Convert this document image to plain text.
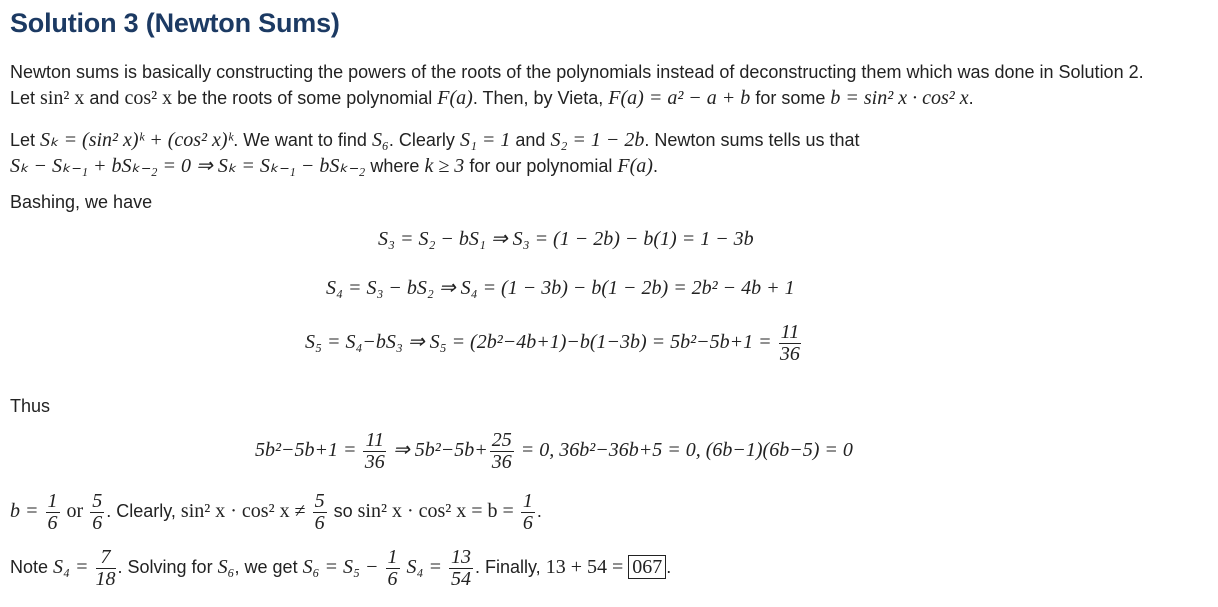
Solution 3 (Newton Sums)
Newton sums is basically constructing the powers of the roots of the polynomials instead of deconstructing them which was done in Solution 2.
Let sin² x and cos² x be the roots of some polynomial F(a). Then, by Vieta, F(a) = a² − a + b for some b = sin² x · cos² x.
Let Sₖ = (sin² x)ᵏ + (cos² x)ᵏ. We want to find S₆. Clearly S₁ = 1 and S₂ = 1 − 2b. Newton sums tells us that
Sₖ − Sₖ₋₁ + bSₖ₋₂ = 0 ⇒ Sₖ = Sₖ₋₁ − bSₖ₋₂ where k ≥ 3 for our polynomial F(a).
Bashing, we have
S₃ = S₂ − bS₁ ⇒ S₃ = (1 − 2b) − b(1) = 1 − 3b
S₄ = S₃ − bS₂ ⇒ S₄ = (1 − 3b) − b(1 − 2b) = 2b² − 4b + 1
S₅ = S₄−bS₃ ⇒ $S_5 = (2b^2-4b+1)-b(1-3b) = 5b^2-5b+1 = \frac{11}{36}$
Thus
$5b^2-5b+1 = \frac{11}{36}$ ⇒ $5b^2-5b+ \frac{25}{36} = 0$, 36b²−36b+5 = 0, (6b−1)(6b−5) = 0
$b = \frac{1}{6}$ or $\frac{5}{6}$ . Clearly, sin² x · cos² $x \ne \frac{5}{6}$ so sin² x · cos² $x = b = \frac{1}{6}$ .
Note $S_4 = \frac{7}{18}$ . Solving for S₆, we get $S_6 = S_5 - \frac{1}{6} S_4 = \frac{13}{54}$ . Finally, 13 + 54 = 067 .
